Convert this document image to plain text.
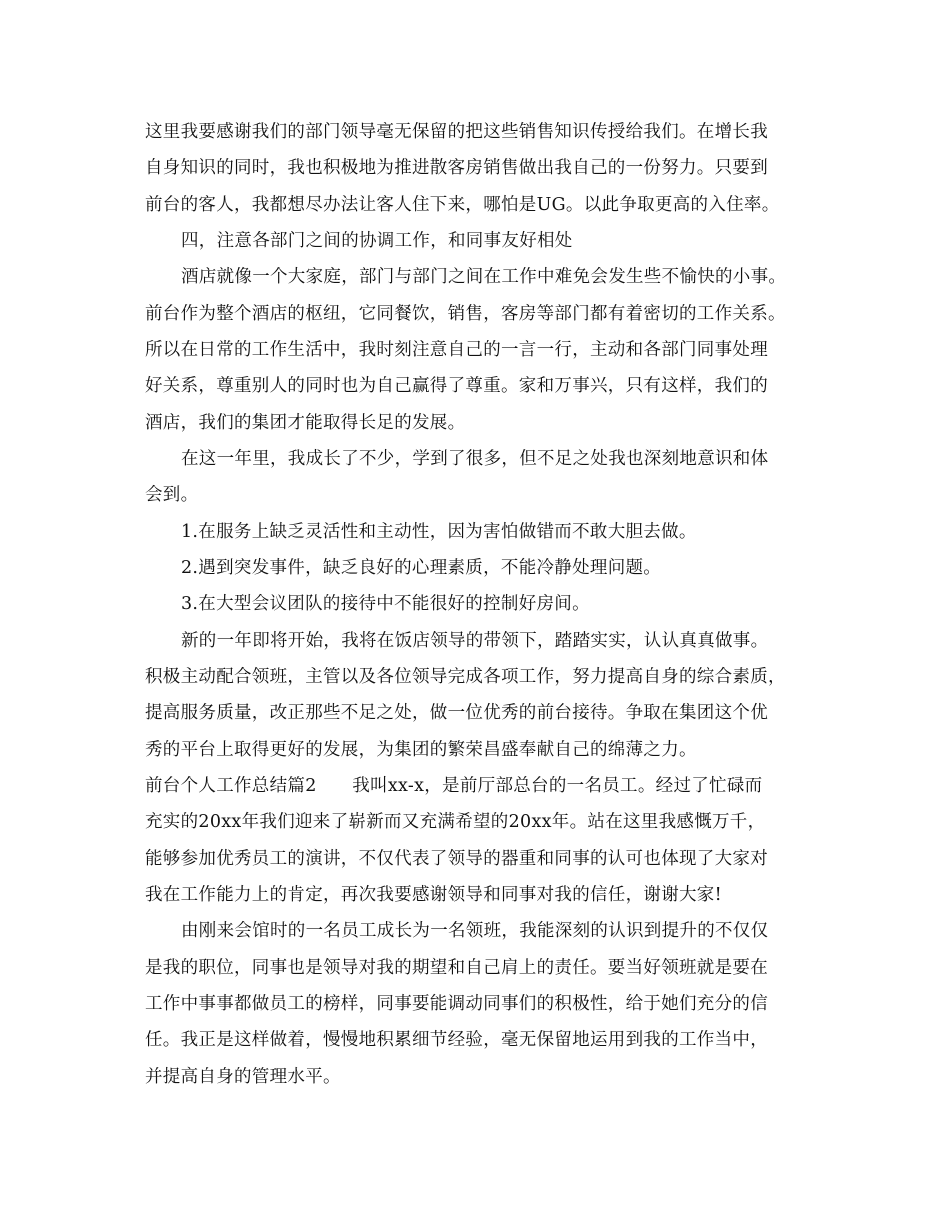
这里我要感谢我们的部门领导毫无保留的把这些销售知识传授给我们。在增长我
自身知识的同时，我也积极地为推进散客房销售做出我自己的一份努力。只要到
前台的客人，我都想尽办法让客人住下来，哪怕是UG。以此争取更高的入住率。
四，注意各部门之间的协调工作，和同事友好相处
酒店就像一个大家庭，部门与部门之间在工作中难免会发生些不愉快的小事。
前台作为整个酒店的枢纽，它同餐饮，销售，客房等部门都有着密切的工作关系。
所以在日常的工作生活中，我时刻注意自己的一言一行，主动和各部门同事处理
好关系，尊重别人的同时也为自己赢得了尊重。家和万事兴，只有这样，我们的
酒店，我们的集团才能取得长足的发展。
在这一年里，我成长了不少，学到了很多，但不足之处我也深刻地意识和体
会到。
1.在服务上缺乏灵活性和主动性，因为害怕做错而不敢大胆去做。
2.遇到突发事件，缺乏良好的心理素质，不能冷静处理问题。
3.在大型会议团队的接待中不能很好的控制好房间。
新的一年即将开始，我将在饭店领导的带领下，踏踏实实，认认真真做事。
积极主动配合领班，主管以及各位领导完成各项工作，努力提高自身的综合素质，
提高服务质量，改正那些不足之处，做一位优秀的前台接待。争取在集团这个优
秀的平台上取得更好的发展，为集团的繁荣昌盛奉献自己的绵薄之力。
前台个人工作总结篇2　　我叫xx-x，是前厅部总台的一名员工。经过了忙碌而
充实的20xx年我们迎来了崭新而又充满希望的20xx年。站在这里我感慨万千，
能够参加优秀员工的演讲，不仅代表了领导的器重和同事的认可也体现了大家对
我在工作能力上的肯定，再次我要感谢领导和同事对我的信任，谢谢大家!
由刚来会馆时的一名员工成长为一名领班，我能深刻的认识到提升的不仅仅
是我的职位，同事也是领导对我的期望和自己肩上的责任。要当好领班就是要在
工作中事事都做员工的榜样，同事要能调动同事们的积极性，给于她们充分的信
任。我正是这样做着，慢慢地积累细节经验，毫无保留地运用到我的工作当中，
并提高自身的管理水平。
